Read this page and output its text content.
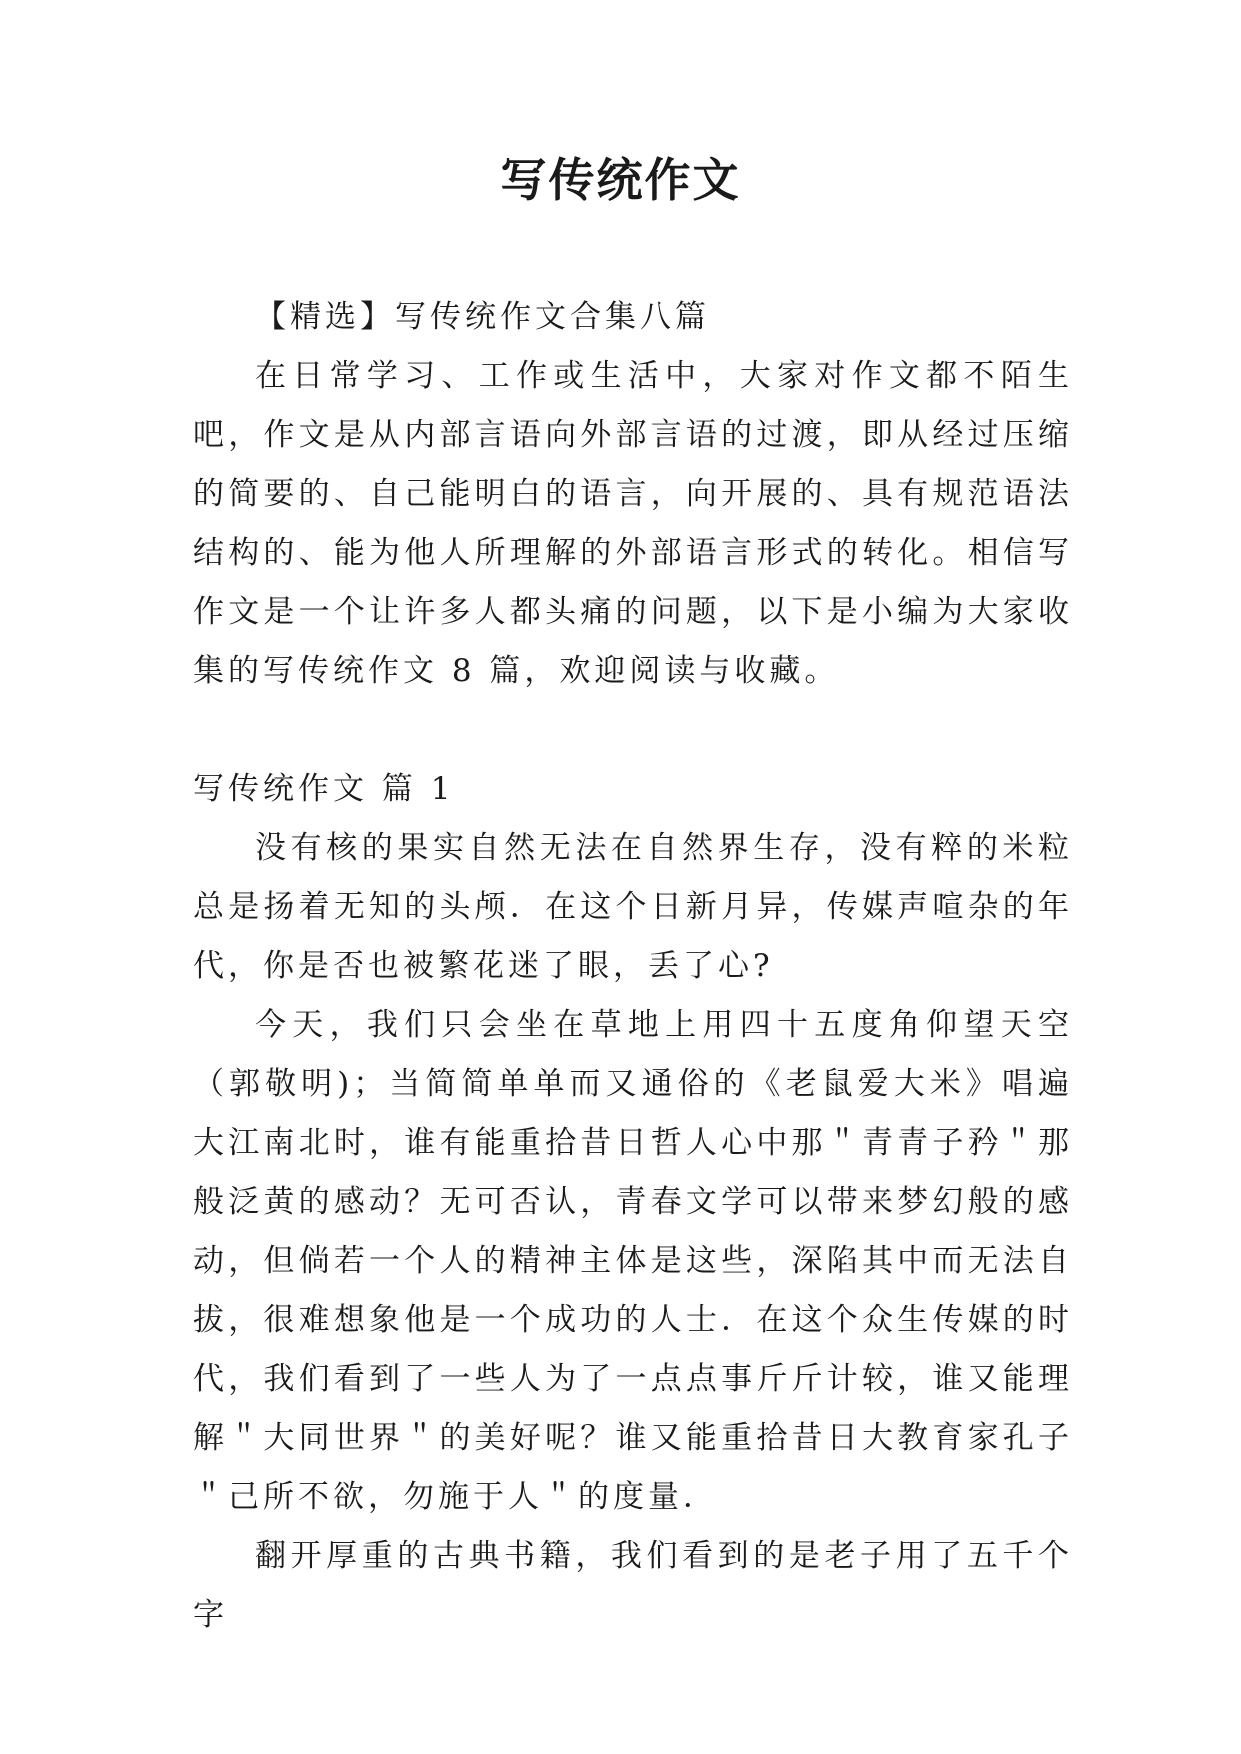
写传统作文

【精选】写传统作文合集八篇

在日常学习、工作或生活中，大家对作文都不陌生吧，作文是从内部言语向外部言语的过渡，即从经过压缩的简要的、自己能明白的语言，向开展的、具有规范语法结构的、能为他人所理解的外部语言形式的转化。相信写作文是一个让许多人都头痛的问题，以下是小编为大家收集的写传统作文 8 篇，欢迎阅读与收藏。

写传统作文 篇 1

没有核的果实自然无法在自然界生存，没有粹的米粒总是扬着无知的头颅．在这个日新月异，传媒声喧杂的年代，你是否也被繁花迷了眼，丢了心?

今天，我们只会坐在草地上用四十五度角仰望天空（郭敬明)；当简简单单而又通俗的《老鼠爱大米》唱遍大江南北时，谁有能重拾昔日哲人心中那＂青青子矜＂那般泛黄的感动？无可否认，青春文学可以带来梦幻般的感动，但倘若一个人的精神主体是这些，深陷其中而无法自拔，很难想象他是一个成功的人士．在这个众生传媒的时代，我们看到了一些人为了一点点事斤斤计较，谁又能理解＂大同世界＂的美好呢？谁又能重拾昔日大教育家孔子＂己所不欲，勿施于人＂的度量．

翻开厚重的古典书籍，我们看到的是老子用了五千个字
